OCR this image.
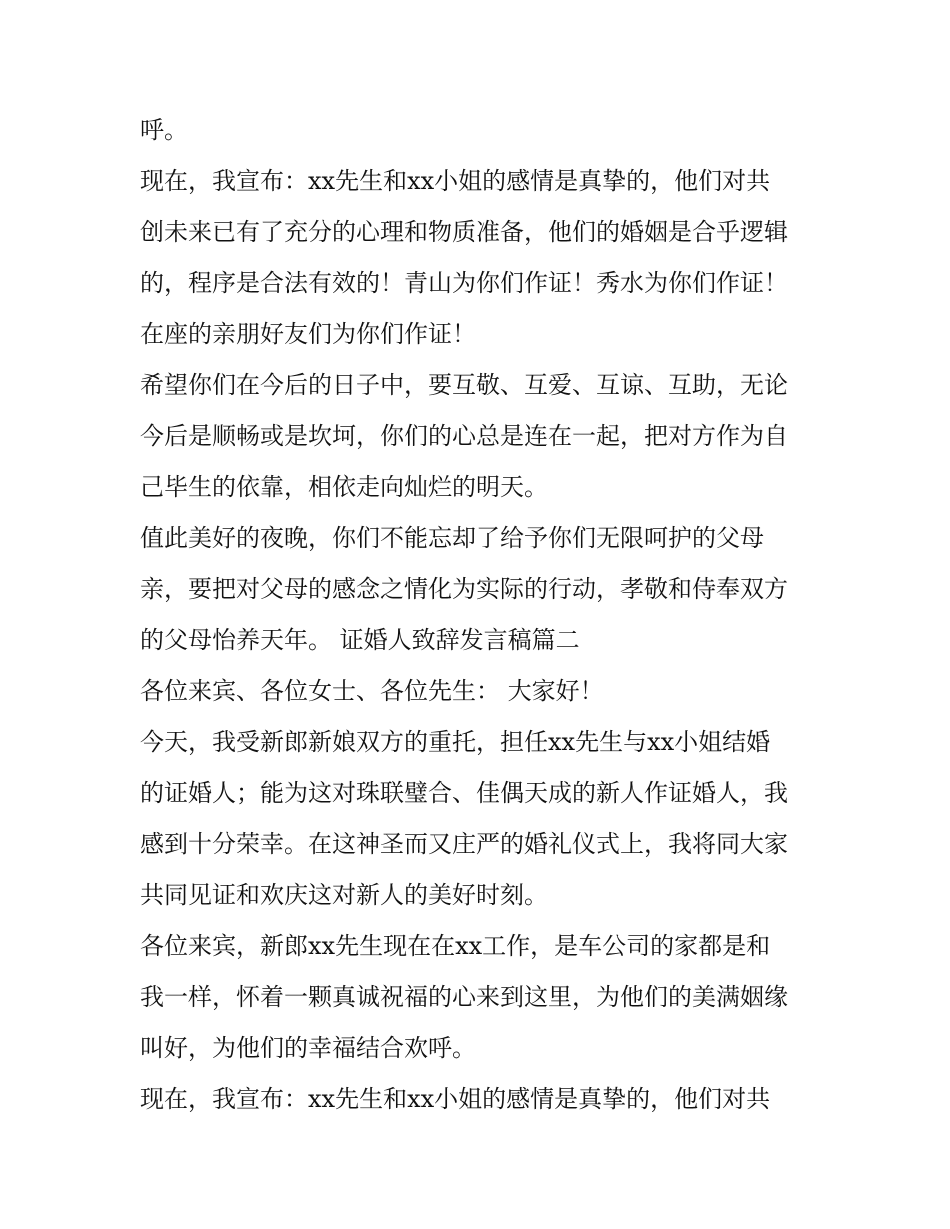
呼。
现在，我宣布：xx先生和xx小姐的感情是真挚的，他们对共
创未来已有了充分的心理和物质准备，他们的婚姻是合乎逻辑
的，程序是合法有效的！青山为你们作证！秀水为你们作证！
在座的亲朋好友们为你们作证！
希望你们在今后的日子中，要互敬、互爱、互谅、互助，无论
今后是顺畅或是坎坷，你们的心总是连在一起，把对方作为自
己毕生的依靠，相依走向灿烂的明天。
值此美好的夜晚，你们不能忘却了给予你们无限呵护的父母
亲，要把对父母的感念之情化为实际的行动，孝敬和侍奉双方
的父母怡养天年。 证婚人致辞发言稿篇二
各位来宾、各位女士、各位先生： 大家好！
今天，我受新郎新娘双方的重托，担任xx先生与xx小姐结婚
的证婚人；能为这对珠联璧合、佳偶天成的新人作证婚人，我
感到十分荣幸。在这神圣而又庄严的婚礼仪式上，我将同大家
共同见证和欢庆这对新人的美好时刻。
各位来宾，新郎xx先生现在在xx工作，是车公司的家都是和
我一样，怀着一颗真诚祝福的心来到这里，为他们的美满姻缘
叫好，为他们的幸福结合欢呼。
现在，我宣布：xx先生和xx小姐的感情是真挚的，他们对共
